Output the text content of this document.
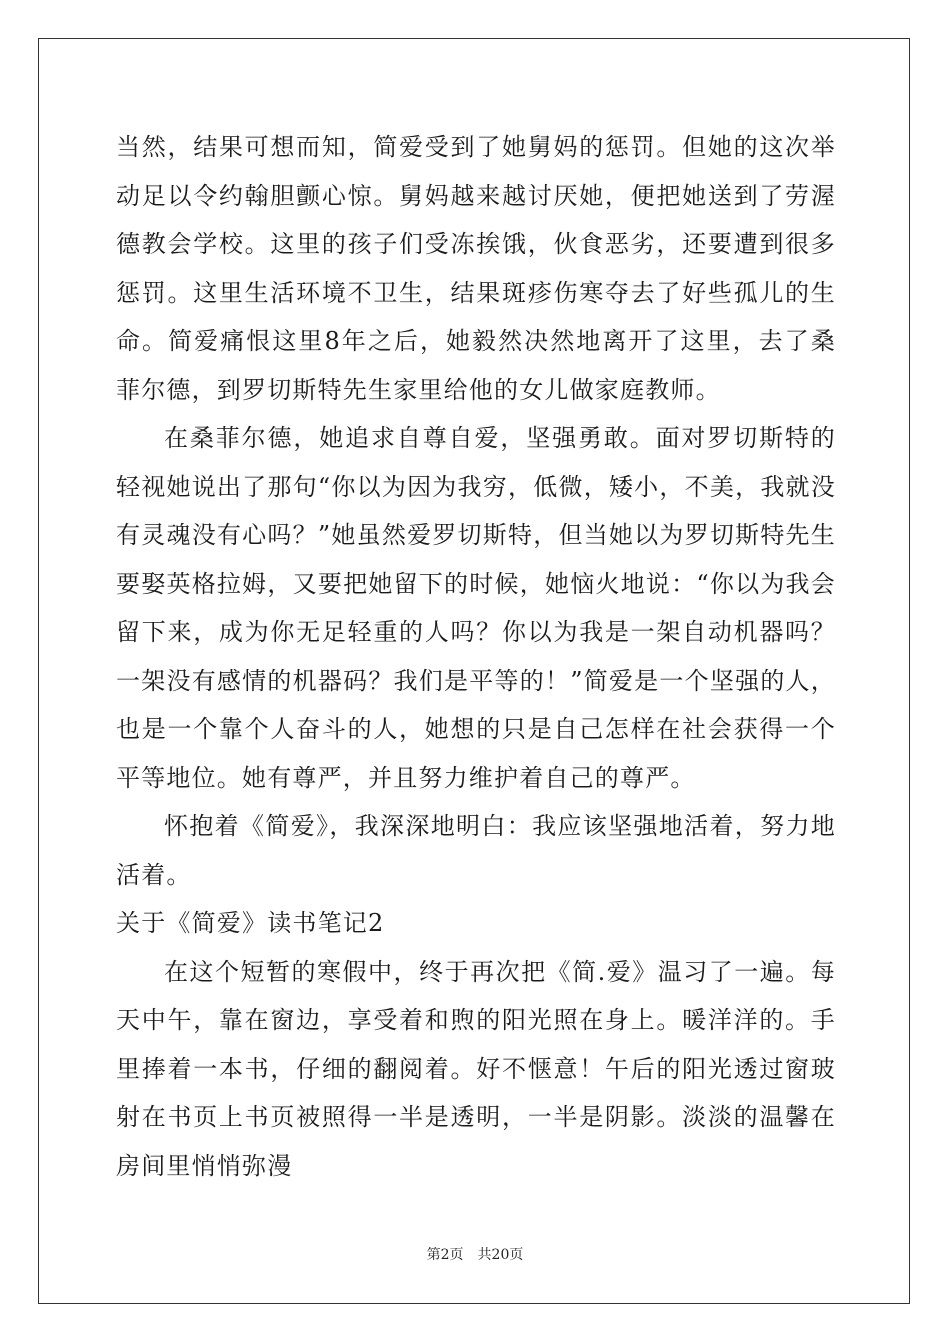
当然，结果可想而知，简爱受到了她舅妈的惩罚。但她的这次举动足以令约翰胆颤心惊。舅妈越来越讨厌她，便把她送到了劳渥德教会学校。这里的孩子们受冻挨饿，伙食恶劣，还要遭到很多惩罚。这里生活环境不卫生，结果斑疹伤寒夺去了好些孤儿的生命。简爱痛恨这里8年之后，她毅然决然地离开了这里，去了桑菲尔德，到罗切斯特先生家里给他的女儿做家庭教师。

在桑菲尔德，她追求自尊自爱，坚强勇敢。面对罗切斯特的轻视她说出了那句“你以为因为我穷，低微，矮小，不美，我就没有灵魂没有心吗？”她虽然爱罗切斯特，但当她以为罗切斯特先生要娶英格拉姆，又要把她留下的时候，她恼火地说：“你以为我会留下来，成为你无足轻重的人吗？你以为我是一架自动机器吗？一架没有感情的机器码？我们是平等的！”简爱是一个坚强的人，也是一个靠个人奋斗的人，她想的只是自己怎样在社会获得一个平等地位。她有尊严，并且努力维护着自己的尊严。

怀抱着《简爱》，我深深地明白：我应该坚强地活着，努力地活着。

关于《简爱》读书笔记2

在这个短暂的寒假中，终于再次把《简.爱》温习了一遍。每天中午，靠在窗边，享受着和煦的阳光照在身上。暖洋洋的。手里捧着一本书，仔细的翻阅着。好不惬意！午后的阳光透过窗玻射在书页上书页被照得一半是透明，一半是阴影。淡淡的温馨在房间里悄悄弥漫

第2页 共20页
